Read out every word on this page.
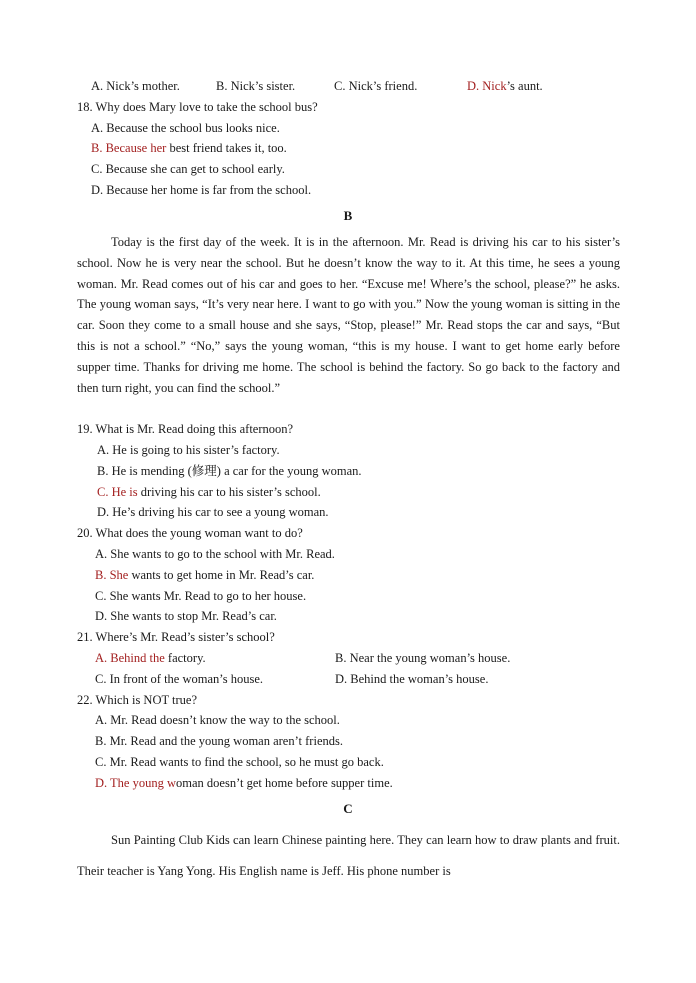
A. Nick’s mother.	B. Nick’s sister.	C. Nick’s friend.	D. Nick’s aunt.
18. Why does Mary love to take the school bus?
A. Because the school bus looks nice.
B. Because her best friend takes it, too.
C. Because she can get to school early.
D. Because her home is far from the school.
B

Today is the first day of the week. It is in the afternoon. Mr. Read is driving his car to his sister’s school. Now he is very near the school. But he doesn’t know the way to it. At this time, he sees a young woman. Mr. Read comes out of his car and goes to her. “Excuse me! Where’s the school, please?” he asks. The young woman says, “It’s very near here. I want to go with you.” Now the young woman is sitting in the car. Soon they come to a small house and she says, “Stop, please!” Mr. Read stops the car and says, “But this is not a school.” “No,” says the young woman, “this is my house. I want to get home early before supper time. Thanks for driving me home. The school is behind the factory. So go back to the factory and then turn right, you can find the school.”

19. What is Mr. Read doing this afternoon?
A. He is going to his sister’s factory.
B. He is mending (修理) a car for the young woman.
C. He is driving his car to his sister’s school.
D. He’s driving his car to see a young woman.
20. What does the young woman want to do?
A. She wants to go to the school with Mr. Read.
B. She wants to get home in Mr. Read’s car.
C. She wants Mr. Read to go to her house.
D. She wants to stop Mr. Read’s car.
21. Where’s Mr. Read’s sister’s school?
A. Behind the factory.	B. Near the young woman’s house.
C. In front of the woman’s house.	D. Behind the woman’s house.
22. Which is NOT true?
A. Mr. Read doesn’t know the way to the school.
B. Mr. Read and the young woman aren’t friends.
C. Mr. Read wants to find the school, so he must go back.
D. The young woman doesn’t get home before supper time.
C

Sun Painting Club Kids can learn Chinese painting here. They can learn how to draw plants and fruit. Their teacher is Yang Yong. His English name is Jeff. His phone number is
